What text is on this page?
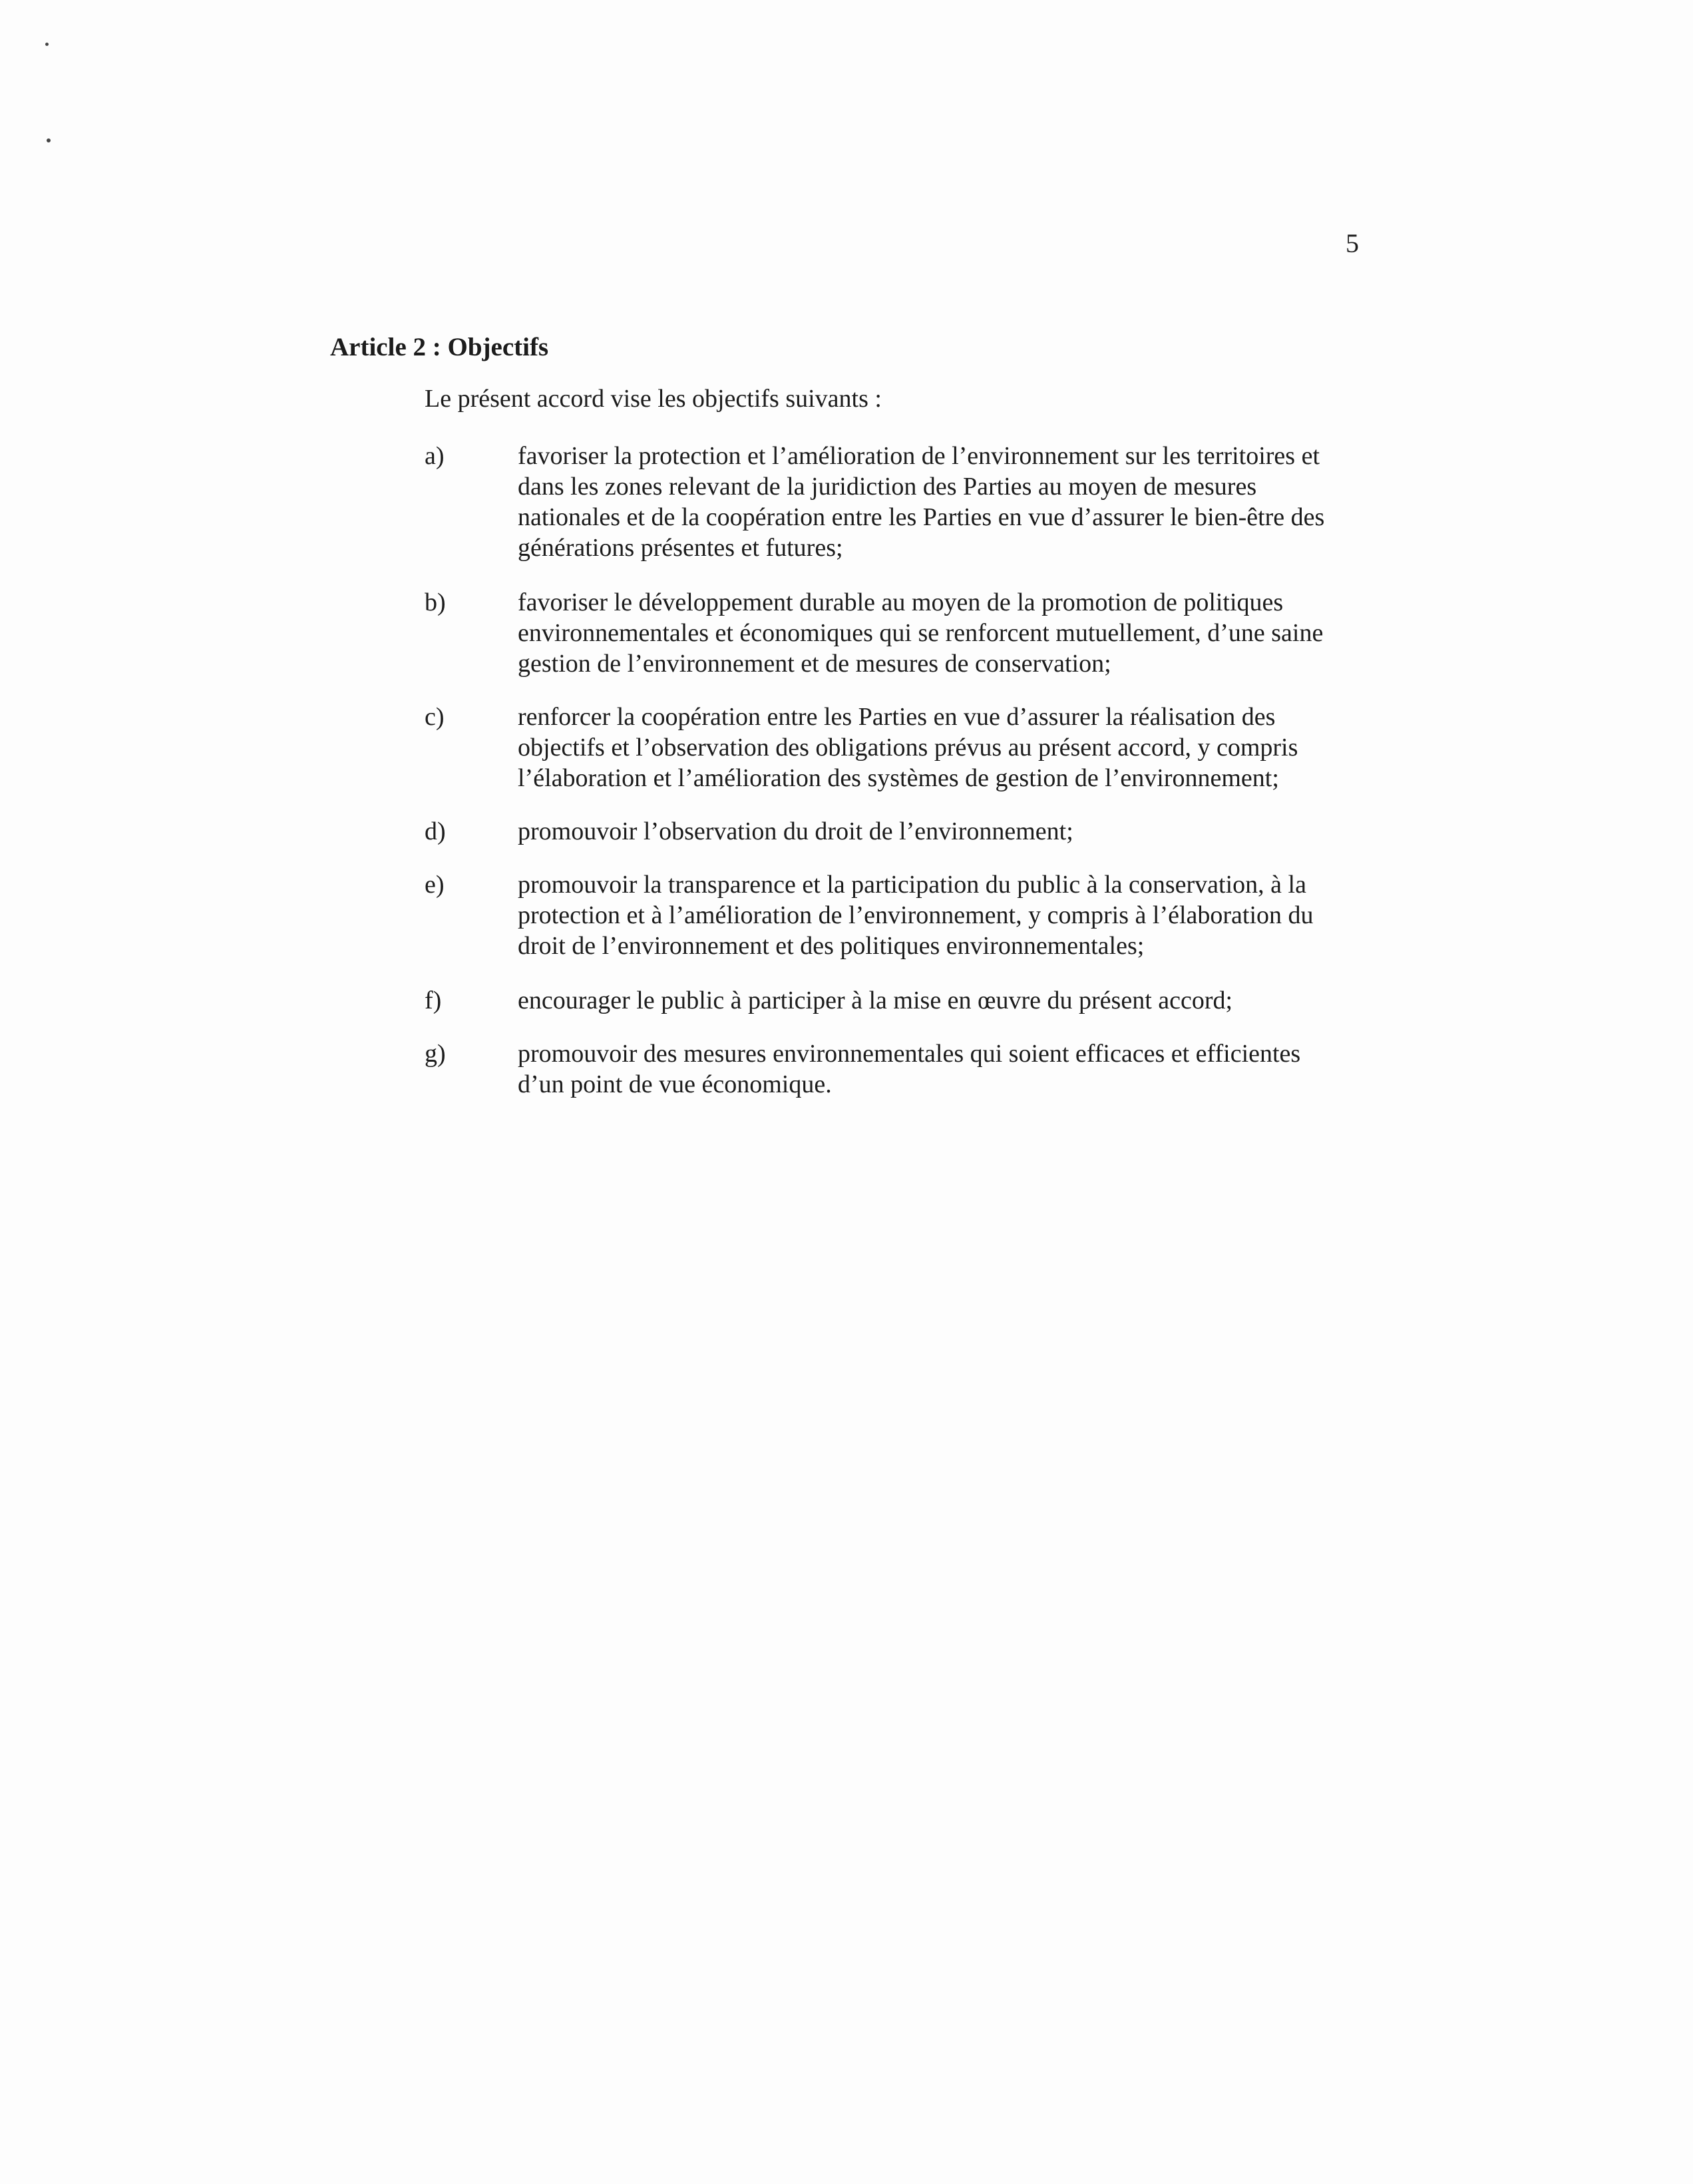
5
Article 2 : Objectifs
Le présent accord vise les objectifs suivants :
a)	favoriser la protection et l’amélioration de l’environnement sur les territoires et
dans les zones relevant de la juridiction des Parties au moyen de mesures
nationales et de la coopération entre les Parties en vue d’assurer le bien-être des
générations présentes et futures;
b)	favoriser le développement durable au moyen de la promotion de politiques
environnementales et économiques qui se renforcent mutuellement, d’une saine
gestion de l’environnement et de mesures de conservation;
c)	renforcer la coopération entre les Parties en vue d’assurer la réalisation des
objectifs et l’observation des obligations prévus au présent accord, y compris
l’élaboration et l’amélioration des systèmes de gestion de l’environnement;
d)	promouvoir l’observation du droit de l’environnement;
e)	promouvoir la transparence et la participation du public à la conservation, à la
protection et à l’amélioration de l’environnement, y compris à l’élaboration du
droit de l’environnement et des politiques environnementales;
f)	encourager le public à participer à la mise en œuvre du présent accord;
g)	promouvoir des mesures environnementales qui soient efficaces et efficientes
d’un point de vue économique.
